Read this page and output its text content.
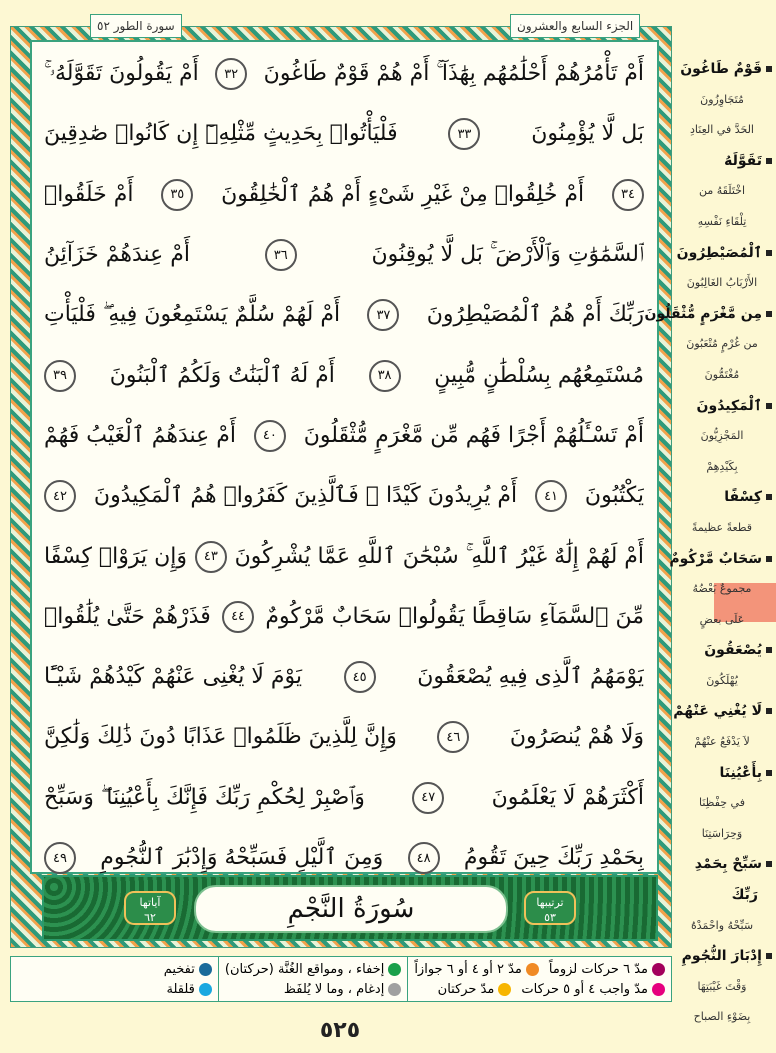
سورة الطور ٥٢	الجزء السابع والعشرون
أَمْ تَأْمُرُهُمْ أَحْلَٰمُهُم بِهَٰذَآ ۚ أَمْ هُمْ قَوْمٌ طَاغُونَ
٣٢
أَمْ يَقُولُونَ تَقَوَّلَهُۥ ۚ
بَل لَّا يُؤْمِنُونَ
٣٣
فَلْيَأْتُوا۟ بِحَدِيثٍ مِّثْلِهِۦٓ إِن كَانُوا۟ صَٰدِقِينَ
٣٤
أَمْ خُلِقُوا۟ مِنْ غَيْرِ شَىْءٍ أَمْ هُمُ ٱلْخَٰلِقُونَ
٣٥
أَمْ خَلَقُوا۟
ٱلسَّمَٰوَٰتِ وَٱلْأَرْضَ ۚ بَل لَّا يُوقِنُونَ
٣٦
أَمْ عِندَهُمْ خَزَآئِنُ
رَبِّكَ أَمْ هُمُ ٱلْمُصَيْطِرُونَ
٣٧
أَمْ لَهُمْ سُلَّمٌ يَسْتَمِعُونَ فِيهِ ۖ فَلْيَأْتِ
مُسْتَمِعُهُم بِسُلْطَٰنٍ مُّبِينٍ
٣٨
أَمْ لَهُ ٱلْبَنَٰتُ وَلَكُمُ ٱلْبَنُونَ
٣٩
أَمْ تَسْـَٔلُهُمْ أَجْرًا فَهُم مِّن مَّغْرَمٍ مُّثْقَلُونَ
٤٠
أَمْ عِندَهُمُ ٱلْغَيْبُ فَهُمْ
يَكْتُبُونَ
٤١
أَمْ يُرِيدُونَ كَيْدًا ۖ فَٱلَّذِينَ كَفَرُوا۟ هُمُ ٱلْمَكِيدُونَ
٤٢
أَمْ لَهُمْ إِلَٰهٌ غَيْرُ ٱللَّهِ ۚ سُبْحَٰنَ ٱللَّهِ عَمَّا يُشْرِكُونَ
٤٣
وَإِن يَرَوْا۟ كِسْفًا
مِّنَ ٱلسَّمَآءِ سَاقِطًا يَقُولُوا۟ سَحَابٌ مَّرْكُومٌ
٤٤
فَذَرْهُمْ حَتَّىٰ يُلَٰقُوا۟
يَوْمَهُمُ ٱلَّذِى فِيهِ يُصْعَقُونَ
٤٥
يَوْمَ لَا يُغْنِى عَنْهُمْ كَيْدُهُمْ شَيْـًٔا
وَلَا هُمْ يُنصَرُونَ
٤٦
وَإِنَّ لِلَّذِينَ ظَلَمُوا۟ عَذَابًا دُونَ ذَٰلِكَ وَلَٰكِنَّ
أَكْثَرَهُمْ لَا يَعْلَمُونَ
٤٧
وَٱصْبِرْ لِحُكْمِ رَبِّكَ فَإِنَّكَ بِأَعْيُنِنَا ۖ وَسَبِّحْ
بِحَمْدِ رَبِّكَ حِينَ تَقُومُ
٤٨
وَمِنَ ٱلَّيْلِ فَسَبِّحْهُ وَإِدْبَٰرَ ٱلنُّجُومِ
٤٩
آياتها
٦٢	سُورَةُ النَّجْمِ	ترتيبها
٥٣
مدّ ٦ حركات لزوماً
مدّ ٢ أو ٤ أو ٦ جوازاً
مدّ واجب ٤ أو ٥ حركات
مدّ حركتان
إخفاء ، ومواقع الغُنَّة (حركتان)
إدغام ، وما لا يُلفَظ
تفخيم
قلقلة
٥٢٥
قَوْمٌ طَاغُونَ
مُتَجَاوِزُونَ
الحَدَّ في العِنَادِ
تَقَوَّلَهُ
اخْتَلَقَهُ من
تِلْقَاءِ نَفْسِهِ
ٱلْمُصَيْطِرُونَ
الأَرْبَابُ الغَالِبُونَ
مِن مَّغْرَمٍ مُّثْقَلُونَ
من غُرْمٍ مُتْعَبُونَ
مُغْتَمُّونَ
ٱلْمَكِيدُونَ
المَجْزِيُّونَ
بِكَيْدِهِمْ
كِسْفًا
قطعةً عظيمةً
سَحَابٌ مَّرْكُومٌ
مجموعٌ بَعْضُهُ
عَلَى بعضٍ
يُصْعَقُونَ
يُهْلَكُونَ
لَا يُغْنِي عَنْهُمْ
لاَ يَدْفَعُ عنْهُمْ
بِأَعْيُنِنَا
في حِفْظِنَا
وَحِرَاسَتِنَا
سَبِّحْ بِحَمْدِ
رَبِّكَ
سَبِّحْهُ واحْمَدْهُ
إِدْبَارَ النُّجُومِ
وَقْتَ غَيْبَتِهَا
بِضَوْءِ الصباح
